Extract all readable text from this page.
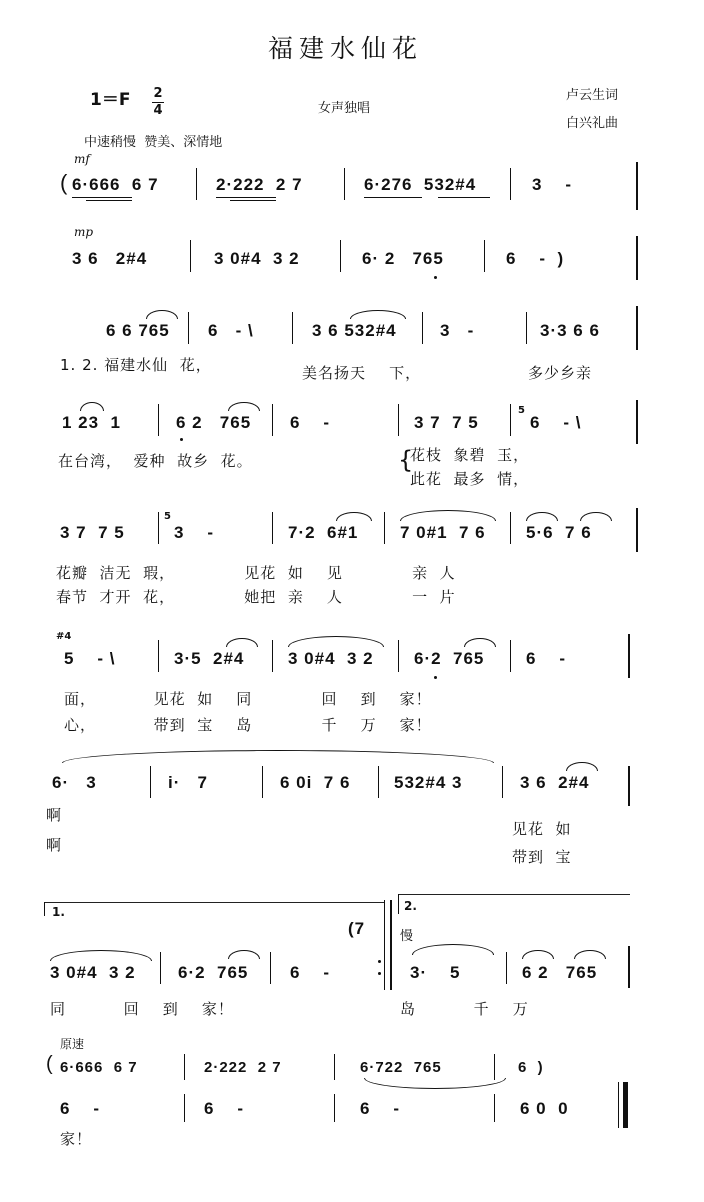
福建水仙花
1＝F 2
4	女声独唱
卢云生词
白兴礼曲
中速稍慢  赞美、深情地
mf
( 6·666  6 7	2·222  2 7	6·276  532#4	3    -
mp
3 6   2#4	3 0#4  3 2	6· 2   765	6    -  )
6 6 765 6   - \	3 6 532#4	3   -	3·3 6 6
1. 2. 福建水仙  花，	美名扬天    下，	多少乡亲
1 23  1	6 2   765 6    -	3 7  7 5
5
6    - \
在台湾，  爱种  故乡  花。	{
花枝  象碧  玉，
此花  最多  情，
3 7  7 5
5
3    -	7·2  6#1 7 0#1  7 6 5·6  7 6
花瓣  洁无  瑕，            见花  如    见            亲  人
春节  才开  花，            她把  亲    人            一  片
#4
5    - \	3·5  2#4	3 0#4  3 2 6·2  765 6    -
面，          见花  如    同            回    到    家！
心，          带到  宝    岛            千    万    家！
6·   3	i·   7	6 0i  7 6	532#4 3	3 6  2#4
啊
啊
见花  如
带到  宝
1.	2.
(7	慢
3 0#4  3 2 6·2  765 6    -	3·    5	6 2   765
同          回    到    家！	岛          千    万
原速
( 6·666  6 7	2·222  2 7	6·722  765	6  )
6    -	6    -	6    -	6 0  0
家！
